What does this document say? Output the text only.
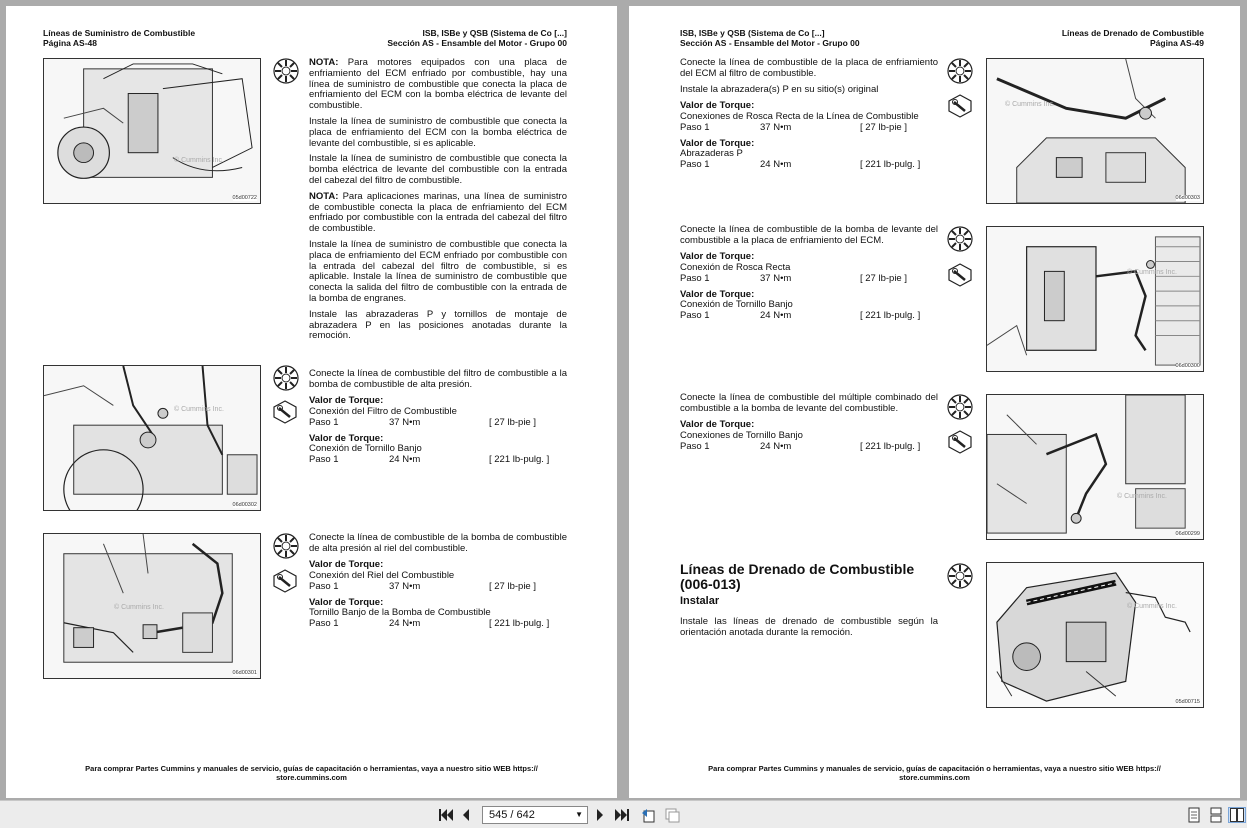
Líneas de Suministro de Combustible
Página AS-48
ISB, ISBe y QSB (Sistema de Co [...]
Sección AS - Ensamble del Motor - Grupo 00
© Cummins Inc.
05d00722

NOTA: Para motores equipados con una placa de enfriamiento del ECM enfriado por combustible, hay una línea de suministro de combustible que conecta la placa de enfriamiento del ECM con la bomba eléctrica de levante del combustible.

Instale la línea de suministro de combustible que conecta la placa de enfriamiento del ECM con la bomba eléctrica de levante del combustible, si es aplicable.

Instale la línea de suministro de combustible que conecta la bomba eléctrica de levante del combustible con la entrada del cabezal del filtro de combustible.

NOTA: Para aplicaciones marinas, una línea de suministro de combustible conecta la placa de enfriamiento del ECM enfriado por combustible con la entrada del cabezal del filtro de combustible.

Instale la línea de suministro de combustible que conecta la placa de enfriamiento del ECM enfriado por combustible con la entrada del cabezal del filtro de combustible, si es aplicable. Instale la línea de suministro de combustible que conecta la salida del filtro de combustible con la entrada de la bomba de engranes.

Instale las abrazaderas P y tornillos de montaje de abrazadera P en las posiciones anotadas durante la remoción.

© Cummins Inc.
06d00302
Conecte la línea de combustible del filtro de combustible a la bomba de combustible de alta presión.
Valor de Torque:
Conexión del Filtro de Combustible
Paso 1	37 N•m	[ 27 lb-pie ]
Valor de Torque:
Conexión de Tornillo Banjo
Paso 1	24 N•m	[ 221 lb-pulg. ]
© Cummins Inc.
06d00301
Conecte la línea de combustible de la bomba de combustible de alta presión al riel del combustible.
Valor de Torque:
Conexión del Riel del Combustible
Paso 1	37 N•m	[ 27 lb-pie ]
Valor de Torque:
Tornillo Banjo de la Bomba de Combustible
Paso 1	24 N•m	[ 221 lb-pulg. ]
Para comprar Partes Cummins y manuales de servicio, guías de capacitación o herramientas, vaya a nuestro sitio WEB https://
store.cummins.com
ISB, ISBe y QSB (Sistema de Co [...]
Sección AS - Ensamble del Motor - Grupo 00
Líneas de Drenado de Combustible
Página AS-49

Conecte la línea de combustible de la placa de enfriamiento del ECM al filtro de combustible.

Instale la abrazadera(s) P en su sitio(s) original

Valor de Torque:
Conexiones de Rosca Recta de la Línea de Combustible
Paso 1	37 N•m	[ 27 lb-pie ]
Valor de Torque:
Abrazaderas P
Paso 1	24 N•m	[ 221 lb-pulg. ]
© Cummins Inc.
06d00303
Conecte la línea de combustible de la bomba de levante del combustible a la placa de enfriamiento del ECM.
Valor de Torque:
Conexión de Rosca Recta
Paso 1	37 N•m	[ 27 lb-pie ]
Valor de Torque:
Conexión de Tornillo Banjo
Paso 1	24 N•m	[ 221 lb-pulg. ]
© Cummins Inc.
06d00300
Conecte la línea de combustible del múltiple combinado del combustible a la bomba de levante del combustible.
Valor de Torque:
Conexiones de Tornillo Banjo
Paso 1	24 N•m	[ 221 lb-pulg. ]
© Cummins Inc.
06d00299
Líneas de Drenado de Combustible (006-013)
Instalar
Instale las líneas de drenado de combustible según la orientación anotada durante la remoción.
© Cummins Inc.
05d00715
Para comprar Partes Cummins y manuales de servicio, guías de capacitación o herramientas, vaya a nuestro sitio WEB https://
store.cummins.com
545 / 642	▼
